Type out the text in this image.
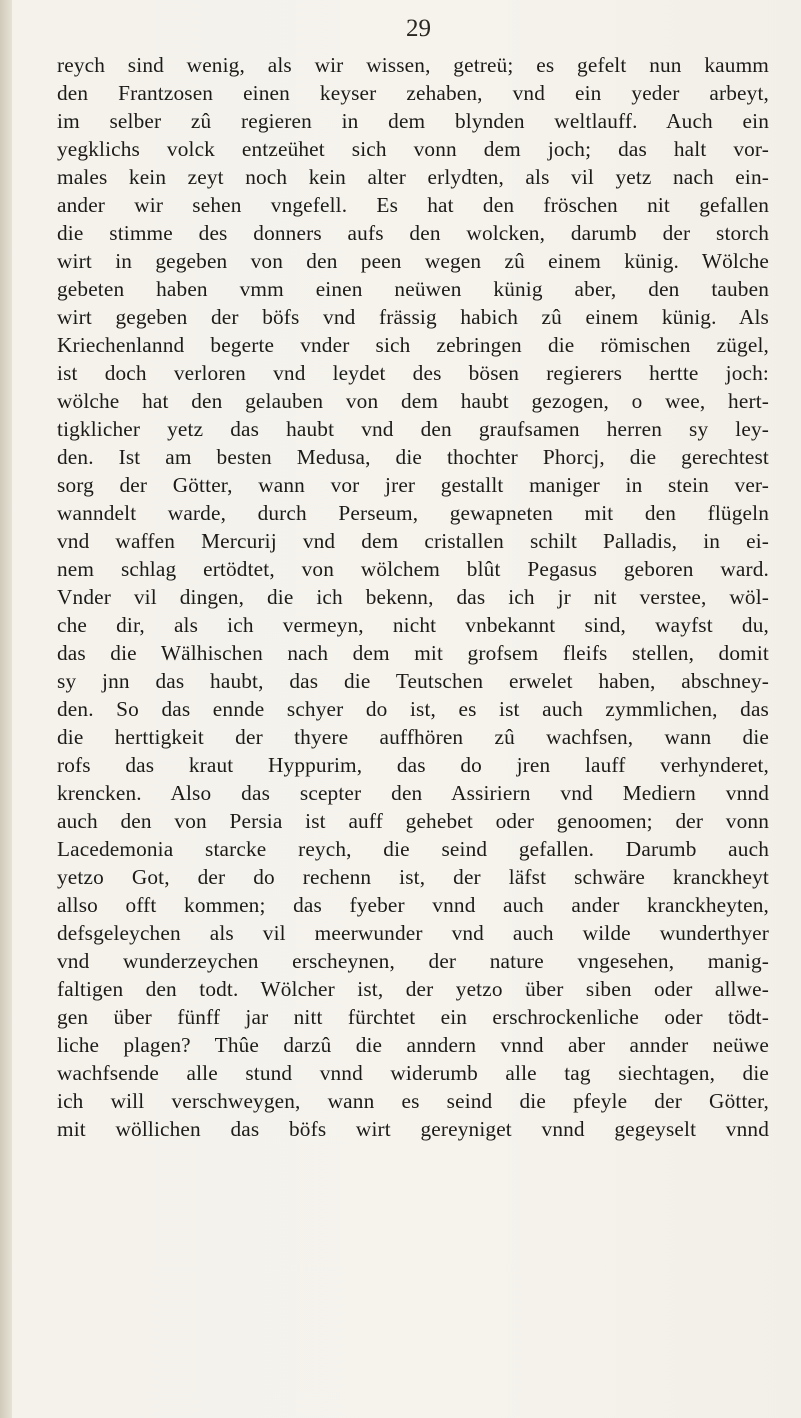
29
reych sind wenig, als wir wissen, getreü; es gefelt nun kaumm
den Frantzosen einen keyser zehaben, vnd ein yeder arbeyt,
im selber zû regieren in dem blynden weltlauff. Auch ein
yegklichs volck entzeühet sich vonn dem joch; das halt vor-
males kein zeyt noch kein alter erlydten, als vil yetz nach ein-
ander wir sehen vngefell. Es hat den fröschen nit gefallen
die stimme des donners aufs den wolcken, darumb der storch
wirt in gegeben von den peen wegen zû einem künig. Wölche
gebeten haben vmm einen neüwen künig aber, den tauben
wirt gegeben der böfs vnd frässig habich zû einem künig. Als
Kriechenlannd begerte vnder sich zebringen die römischen zügel,
ist doch verloren vnd leydet des bösen regierers hertte joch:
wölche hat den gelauben von dem haubt gezogen, o wee, hert-
tigklicher yetz das haubt vnd den graufsamen herren sy ley-
den. Ist am besten Medusa, die thochter Phorcj, die gerechtest
sorg der Götter, wann vor jrer gestallt maniger in stein ver-
wanndelt warde, durch Perseum, gewapneten mit den flügeln
vnd waffen Mercurij vnd dem cristallen schilt Palladis, in ei-
nem schlag ertödtet, von wölchem blût Pegasus geboren ward.
Vnder vil dingen, die ich bekenn, das ich jr nit verstee, wöl-
che dir, als ich vermeyn, nicht vnbekannt sind, wayfst du,
das die Wälhischen nach dem mit grofsem fleifs stellen, domit
sy jnn das haubt, das die Teutschen erwelet haben, abschney-
den. So das ennde schyer do ist, es ist auch zymmlichen, das
die herttigkeit der thyere auffhören zû wachfsen, wann die
rofs das kraut Hyppurim, das do jren lauff verhynderet,
krencken. Also das scepter den Assiriern vnd Mediern vnnd
auch den von Persia ist auff gehebet oder genoomen; der vonn
Lacedemonia starcke reych, die seind gefallen. Darumb auch
yetzo Got, der do rechenn ist, der läfst schwäre kranckheyt
allso offt kommen; das fyeber vnnd auch ander kranckheyten,
defsgeleychen als vil meerwunder vnd auch wilde wunderthyer
vnd wunderzeychen erscheynen, der nature vngesehen, manig-
faltigen den todt. Wölcher ist, der yetzo über siben oder allwe-
gen über fünff jar nitt fürchtet ein erschrockenliche oder tödt-
liche plagen? Thûe darzû die anndern vnnd aber annder neüwe
wachfsende alle stund vnnd widerumb alle tag siechtagen, die
ich will verschweygen, wann es seind die pfeyle der Götter,
mit wöllichen das böfs wirt gereyniget vnnd gegeyselt vnnd
